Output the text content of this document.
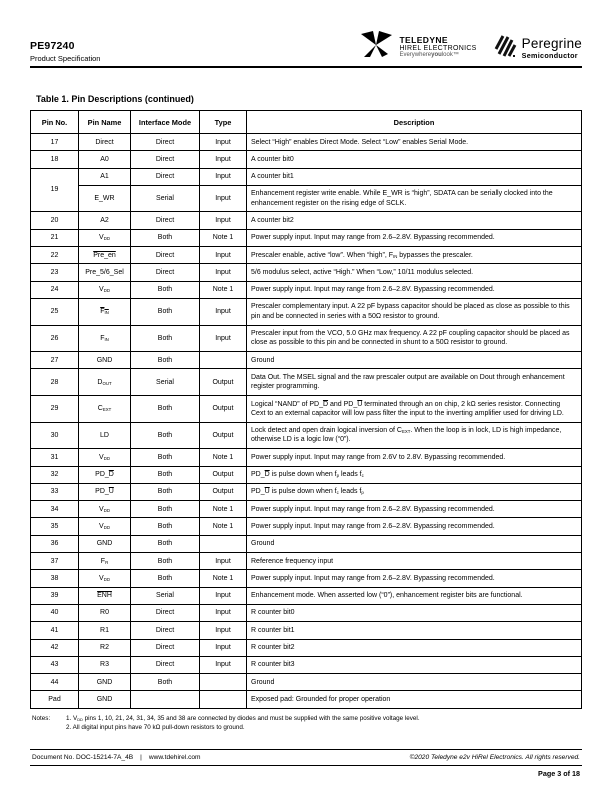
PE97240
Product Specification
TELEDYNE
HIREL ELECTRONICS
Everywhereyoulook™
Peregrine
Semiconductor
Table 1. Pin Descriptions (continued)
Pin No.	Pin Name	Interface Mode	Type	Description
17	Direct	Direct	Input	Select “High” enables Direct Mode. Select “Low” enables Serial Mode.
18	A0	Direct	Input	A counter bit0
19	A1	Direct	Input	A counter bit1
	E_WR	Serial	Input	Enhancement register write enable. While E_WR is “high”, SDATA can be serially clocked into the enhancement register on the rising edge of SCLK.
20	A2	Direct	Input	A counter bit2
21	$V_{DD}$	Both	Note 1	Power supply input. Input may range from 2.6–2.8V. Bypassing recommended.
22	Pre_en	Direct	Input	Prescaler enable, active “low”. When “high”, $F_{IN}$ bypasses the prescaler.
23	Pre_5/6_Sel	Direct	Input	5/6 modulus select, active “High.” When “Low,” 10/11 modulus selected.
24	$V_{DD}$	Both	Note 1	Power supply input. Input may range from 2.6–2.8V. Bypassing recommended.
25	$F_{IN}$	Both	Input	Prescaler complementary input. A 22 pF bypass capacitor should be placed as close as possible to this pin and be connected in series with a 50Ω resistor to ground.
26	$F_{IN}$	Both	Input	Prescaler input from the VCO, 5.0 GHz max frequency. A 22 pF coupling capacitor should be placed as close as possible to this pin and be connected in shunt to a 50Ω resistor to ground.
27	GND	Both		Ground
28	$D_{OUT}$	Serial	Output	Data Out. The MSEL signal and the raw prescaler output are available on Dout through enhancement register programming.
29	$C_{EXT}$	Both	Output	Logical “NAND” of $PD\_\overline{D}$ and $PD\_\overline{U}$ terminated through an on chip, 2 kΩ series resistor. Connecting Cext to an external capacitor will low pass filter the input to the inverting amplifier used for driving LD.
30	LD	Both	Output	Lock detect and open drain logical inversion of $C_{EXT}$. When the loop is in lock, LD is high impedance, otherwise LD is a logic low (“0”).
31	$V_{DD}$	Both	Note 1	Power supply input. Input may range from 2.6V to 2.8V. Bypassing recommended.
32	$PD\_\overline{D}$	Both	Output	$PD\_\overline{D}$ is pulse down when $f_p$ leads $f_c$
33	$PD\_\overline{U}$	Both	Output	$PD\_\overline{U}$ is pulse down when $f_c$ leads $f_p$
34	$V_{DD}$	Both	Note 1	Power supply input. Input may range from 2.6–2.8V. Bypassing recommended.
35	$V_{DD}$	Both	Note 1	Power supply input. Input may range from 2.6–2.8V. Bypassing recommended.
36	GND	Both		Ground
37	$F_R$	Both	Input	Reference frequency input
38	$V_{DD}$	Both	Note 1	Power supply input. Input may range from 2.6–2.8V. Bypassing recommended.
39	$\overline{ENH}$	Serial	Input	Enhancement mode. When asserted low (“0”), enhancement register bits are functional.
40	R0	Direct	Input	R counter bit0
41	R1	Direct	Input	R counter bit1
42	R2	Direct	Input	R counter bit2
43	R3	Direct	Input	R counter bit3
44	GND	Both		Ground
Pad	GND			Exposed pad: Grounded for proper operation
Notes:	1. $V_{DD}$ pins 1, 10, 21, 24, 31, 34, 35 and 38 are connected by diodes and must be supplied with the same positive voltage level.
2. All digital input pins have 70 kΩ pull-down resistors to ground.
Document No. DOC-15214-7A_4B | www.tdehirel.com	©2020 Teledyne e2v HiRel Electronics. All rights reserved.
Page 3 of 18
